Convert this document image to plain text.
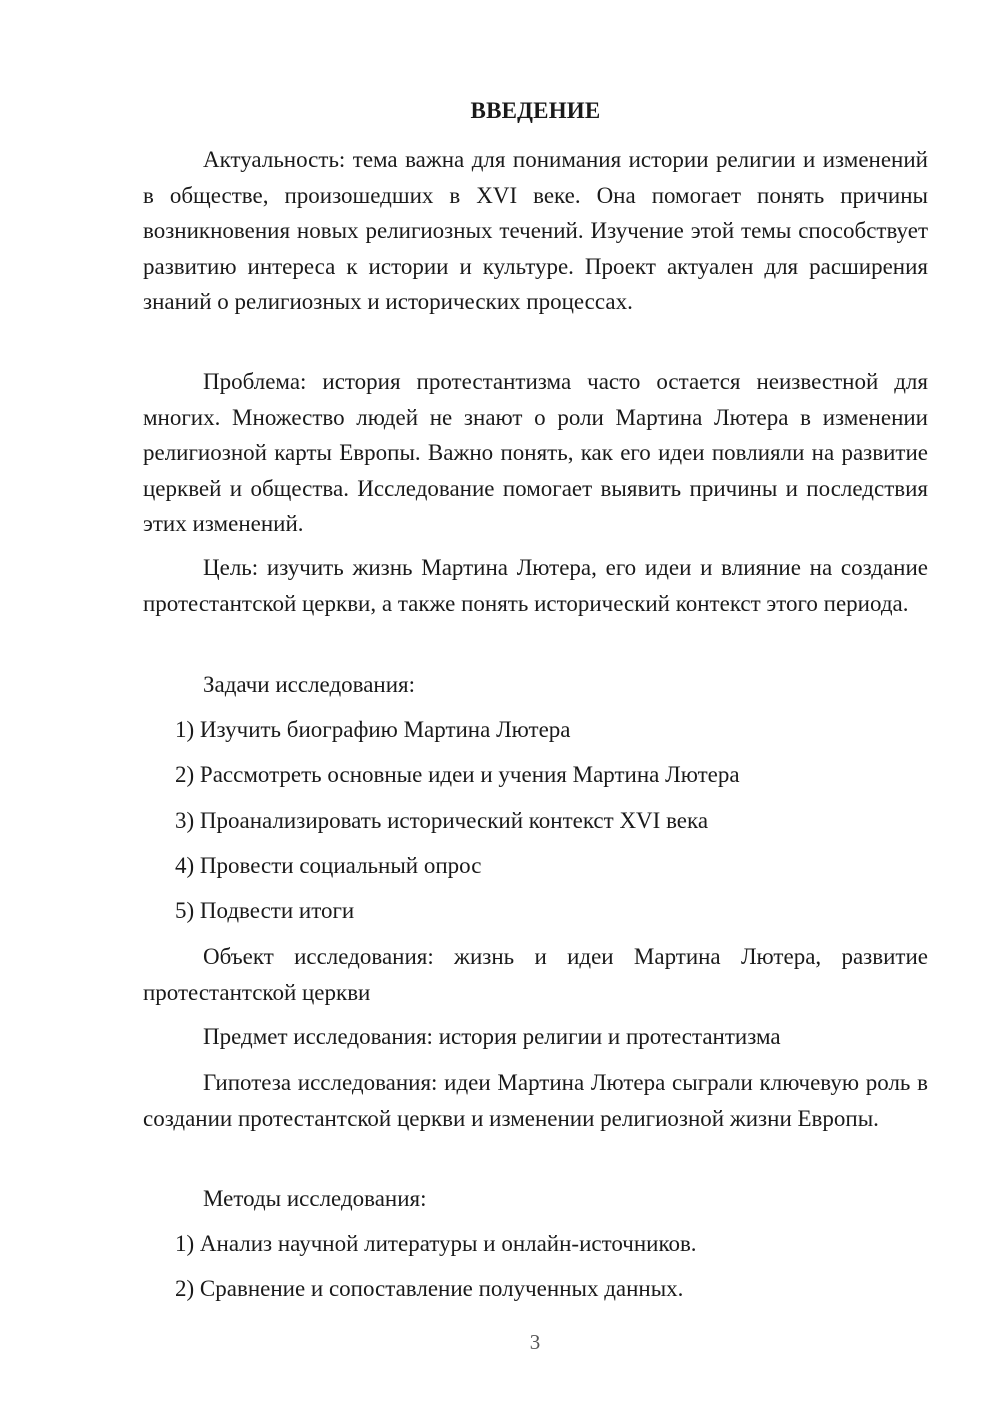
ВВЕДЕНИЕ

Актуальность: тема важна для понимания истории религии и изменений в обществе, произошедших в XVI веке. Она помогает понять причины возникновения новых религиозных течений. Изучение этой темы способствует развитию интереса к истории и культуре. Проект актуален для расширения знаний о религиозных и исторических процессах.

Проблема: история протестантизма часто остается неизвестной для многих. Множество людей не знают о роли Мартина Лютера в изменении религиозной карты Европы. Важно понять, как его идеи повлияли на развитие церквей и общества. Исследование помогает выявить причины и последствия этих изменений.

Цель: изучить жизнь Мартина Лютера, его идеи и влияние на создание протестантской церкви, а также понять исторический контекст этого периода.

Задачи исследования:

1) Изучить биографию Мартина Лютера

2) Рассмотреть основные идеи и учения Мартина Лютера

3) Проанализировать исторический контекст XVI века

4) Провести социальный опрос

5) Подвести итоги

Объект исследования: жизнь и идеи Мартина Лютера, развитие протестантской церкви

Предмет исследования: история религии и протестантизма

Гипотеза исследования: идеи Мартина Лютера сыграли ключевую роль в создании протестантской церкви и изменении религиозной жизни Европы.

Методы исследования:

1) Анализ научной литературы и онлайн-источников.

2) Сравнение и сопоставление полученных данных.

3
